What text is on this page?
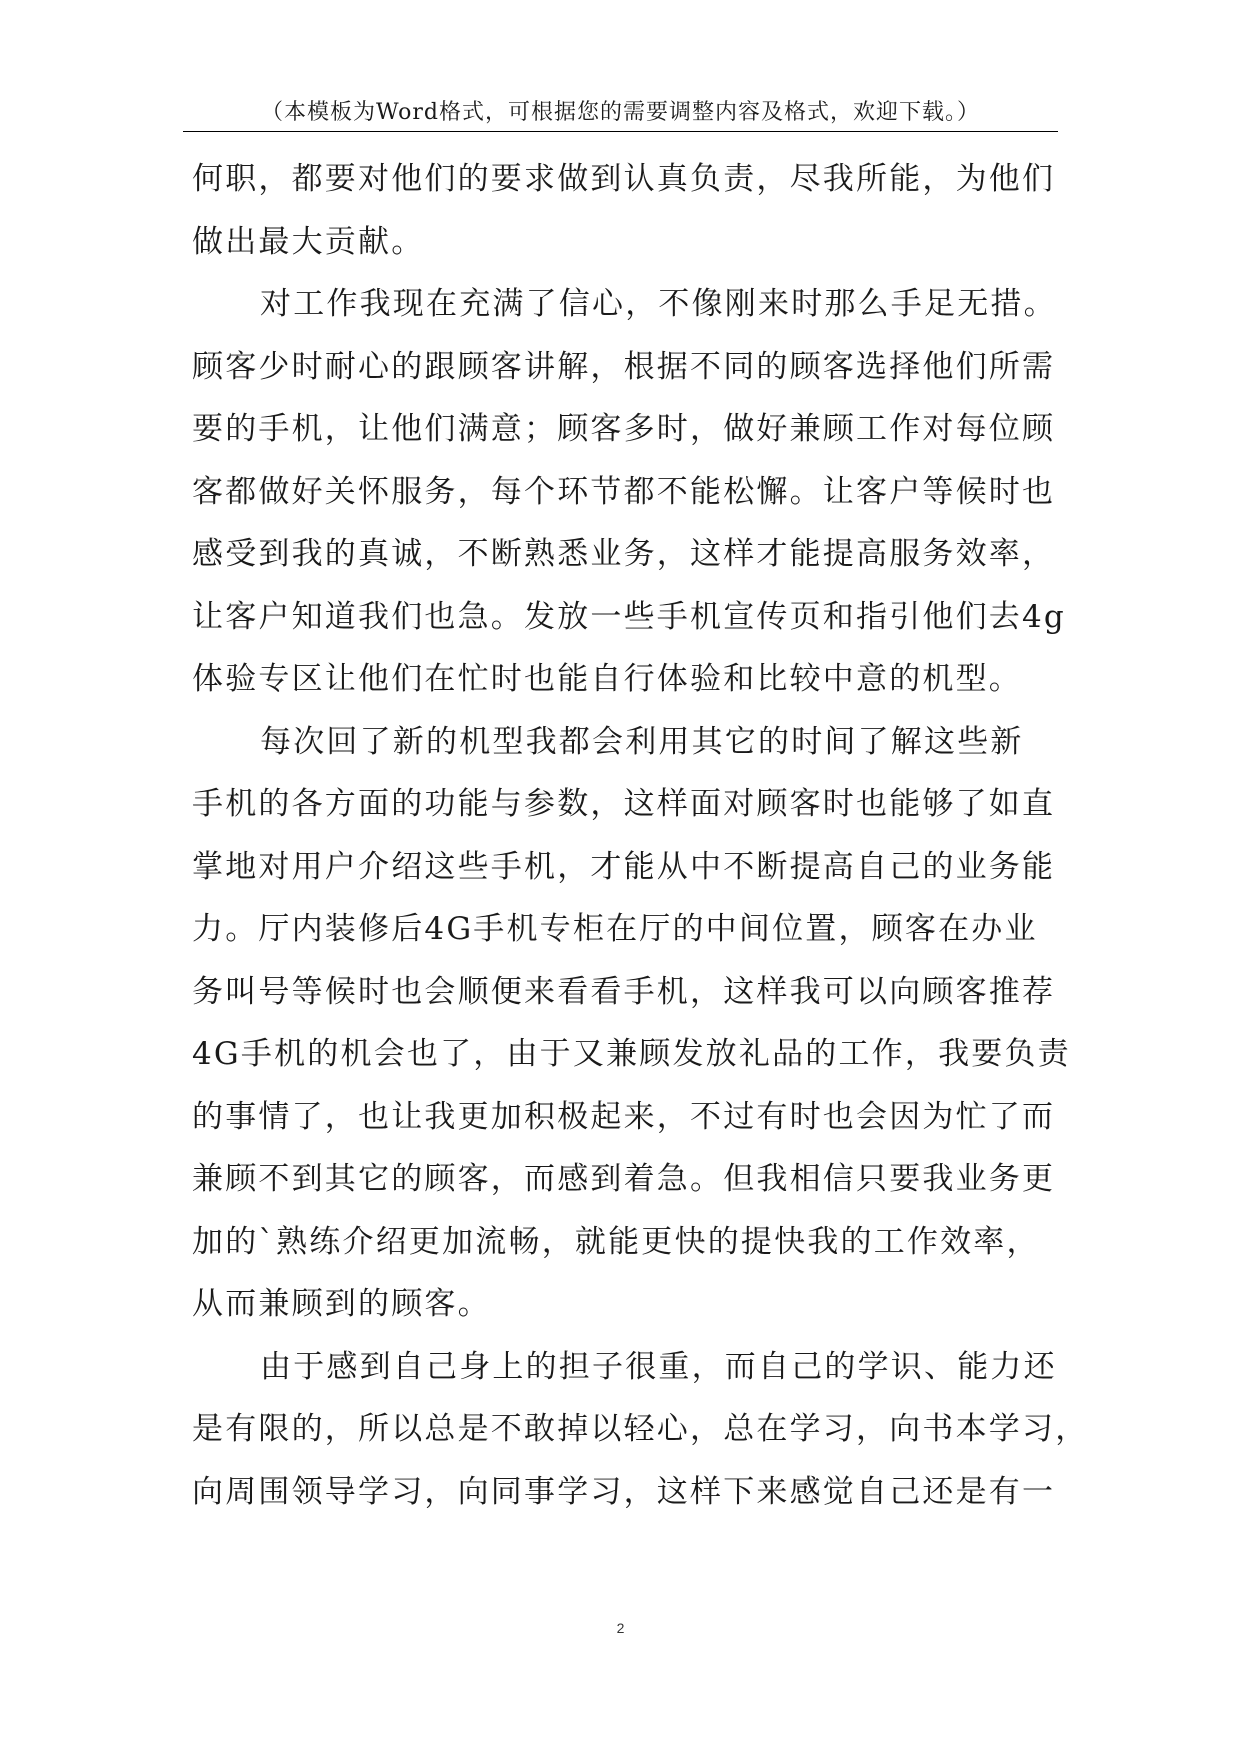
（本模板为Word格式，可根据您的需要调整内容及格式，欢迎下载。）
何职，都要对他们的要求做到认真负责，尽我所能，为他们
做出最大贡献。
对工作我现在充满了信心，不像刚来时那么手足无措。
顾客少时耐心的跟顾客讲解，根据不同的顾客选择他们所需
要的手机，让他们满意；顾客多时，做好兼顾工作对每位顾
客都做好关怀服务，每个环节都不能松懈。让客户等候时也
感受到我的真诚，不断熟悉业务，这样才能提高服务效率，
让客户知道我们也急。发放一些手机宣传页和指引他们去4g
体验专区让他们在忙时也能自行体验和比较中意的机型。
每次回了新的机型我都会利用其它的时间了解这些新
手机的各方面的功能与参数，这样面对顾客时也能够了如直
掌地对用户介绍这些手机，才能从中不断提高自己的业务能
力。厅内装修后4G手机专柜在厅的中间位置，顾客在办业
务叫号等候时也会顺便来看看手机，这样我可以向顾客推荐
4G手机的机会也了，由于又兼顾发放礼品的工作，我要负责
的事情了，也让我更加积极起来，不过有时也会因为忙了而
兼顾不到其它的顾客，而感到着急。但我相信只要我业务更
加的`熟练介绍更加流畅，就能更快的提快我的工作效率，
从而兼顾到的顾客。
由于感到自己身上的担子很重，而自己的学识、能力还
是有限的，所以总是不敢掉以轻心，总在学习，向书本学习，
向周围领导学习，向同事学习，这样下来感觉自己还是有一
2
